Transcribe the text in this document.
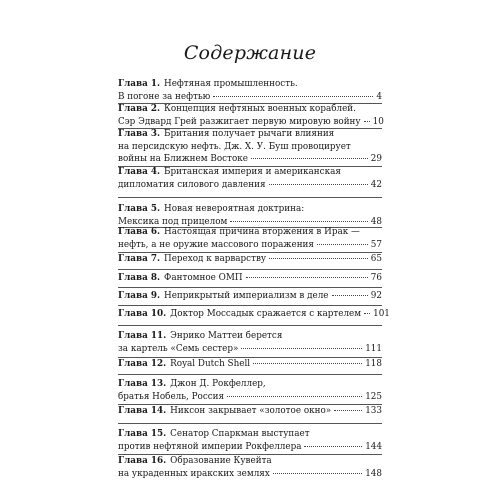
Содержание
Глава 1. Нефтяная промышленность.
В погоне за нефтью	4
Глава 2. Концепция нефтяных военных кораблей.
Сэр Эдвард Грей разжигает первую мировую войну 10
Глава 3. Британия получает рычаги влияния
на персидскую нефть. Дж. Х. У. Буш провоцирует
войны на Ближнем Востоке	29
Глава 4. Британская империя и американская
дипломатия силового давления	42
Глава 5. Новая невероятная доктрина:
Мексика под прицелом	48
Глава 6. Настоящая причина вторжения в Ирак —
нефть, а не оружие массового поражения	57
Глава 7. Переход к варварству	65
Глава 8. Фантомное ОМП	76
Глава 9. Неприкрытый империализм в деле	92
Глава 10. Доктор Моссадык сражается с картелем 101
Глава 11. Энрико Маттеи берется
за картель «Семь сестер»	111
Глава 12. Royal Dutch Shell	118
Глава 13. Джон Д. Рокфеллер,
братья Нобель, Россия	125
Глава 14. Никсон закрывает «золотое окно»	133
Глава 15. Сенатор Спаркман выступает
против нефтяной империи Рокфеллера	144
Глава 16. Образование Кувейта
на украденных иракских землях	148
